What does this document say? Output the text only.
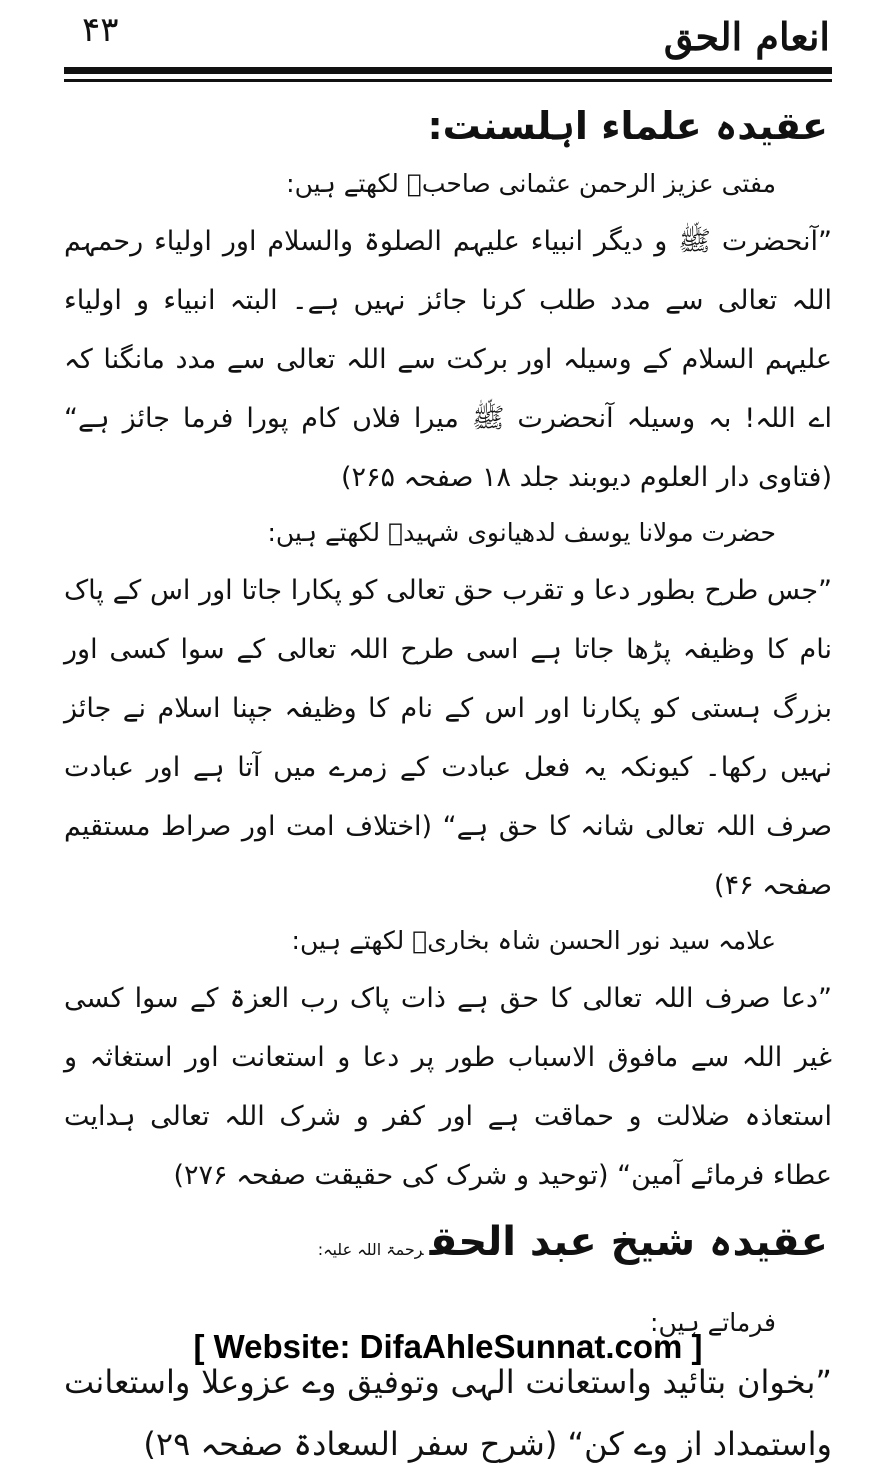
۴۳	انعام الحق
عقیدہ علماء اہلسنت:
مفتی عزیز الرحمن عثمانی صاحبؒ لکھتے ہیں:
”آنحضرت ﷺ و دیگر انبیاء علیہم الصلوۃ والسلام اور اولیاء رحمہم اللہ تعالی سے مدد طلب کرنا جائز نہیں ہے۔ البتہ انبیاء و اولیاء علیہم السلام کے وسیلہ اور برکت سے اللہ تعالی سے مدد مانگنا کہ اے اللہ! بہ وسیلہ آنحضرت ﷺ میرا فلاں کام پورا فرما جائز ہے“ (فتاوی دار العلوم دیوبند جلد ۱۸ صفحہ ۲۶۵)
حضرت مولانا یوسف لدھیانوی شہیدؒ لکھتے ہیں:
”جس طرح بطور دعا و تقرب حق تعالی کو پکارا جاتا اور اس کے پاک نام کا وظیفہ پڑھا جاتا ہے اسی طرح اللہ تعالی کے سوا کسی اور بزرگ ہستی کو پکارنا اور اس کے نام کا وظیفہ جپنا اسلام نے جائز نہیں رکھا۔ کیونکہ یہ فعل عبادت کے زمرے میں آتا ہے اور عبادت صرف اللہ تعالی شانہ کا حق ہے“ (اختلاف امت اور صراط مستقیم صفحہ ۴۶)
علامہ سید نور الحسن شاہ بخاریؒ لکھتے ہیں:
”دعا صرف اللہ تعالی کا حق ہے ذات پاک رب العزۃ کے سوا کسی غیر اللہ سے مافوق الاسباب طور پر دعا و استعانت اور استغاثہ و استعاذہ ضلالت و حماقت ہے اور کفر و شرک اللہ تعالی ہدایت عطاء فرمائے آمین“ (توحید و شرک کی حقیقت صفحہ ۲۷۶)
عقیدہ شیخ عبد الحقرحمۃ اللہ علیہ:
فرماتے ہیں:
”بخوان بتائید واستعانت الہی وتوفیق وے عزوعلا واستعانت واستمداد از وے کن“ (شرح سفر السعادۃ صفحہ ۲۹)
[ Website: DifaAhleSunnat.com ]
